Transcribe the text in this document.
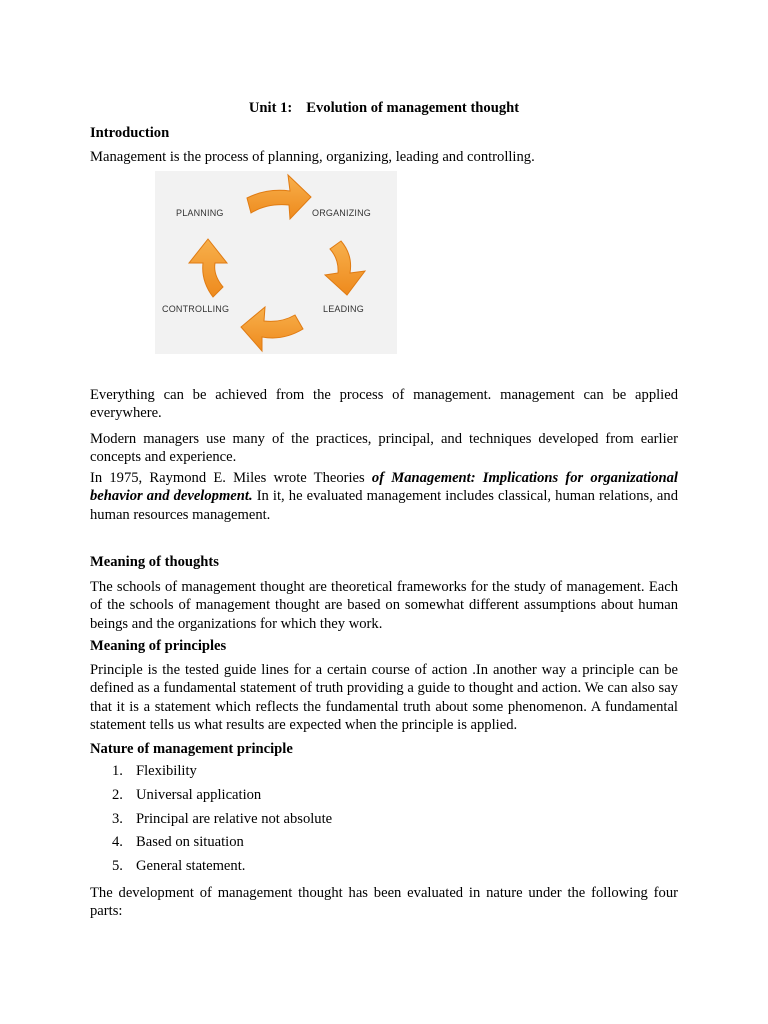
Unit 1: Evolution of management thought

Introduction

Management is the process of planning, organizing, leading and controlling.

PLANNING	ORGANIZING
LEADING
CONTROLLING

Everything can be achieved from the process of management. management can be applied everywhere.

Modern managers use many of the practices, principal, and techniques developed from earlier concepts and experience.

In 1975, Raymond E. Miles wrote Theories of Management: Implications for organizational behavior and development. In it, he evaluated management includes classical, human relations, and human resources management.

Meaning of thoughts

The schools of management thought are theoretical frameworks for the study of management. Each of the schools of management thought are based on somewhat different assumptions about human beings and the organizations for which they work.

Meaning of principles

Principle is the tested guide lines for a certain course of action .In another way a principle can be defined as a fundamental statement of truth providing a guide to thought and action. We can also say that it is a statement which reflects the fundamental truth about some phenomenon. A fundamental statement tells us what results are expected when the principle is applied.

Nature of management principle

1. Flexibility
2. Universal application
3. Principal are relative not absolute
4. Based on situation
5. General statement.

The development of management thought has been evaluated in nature under the following four parts:
